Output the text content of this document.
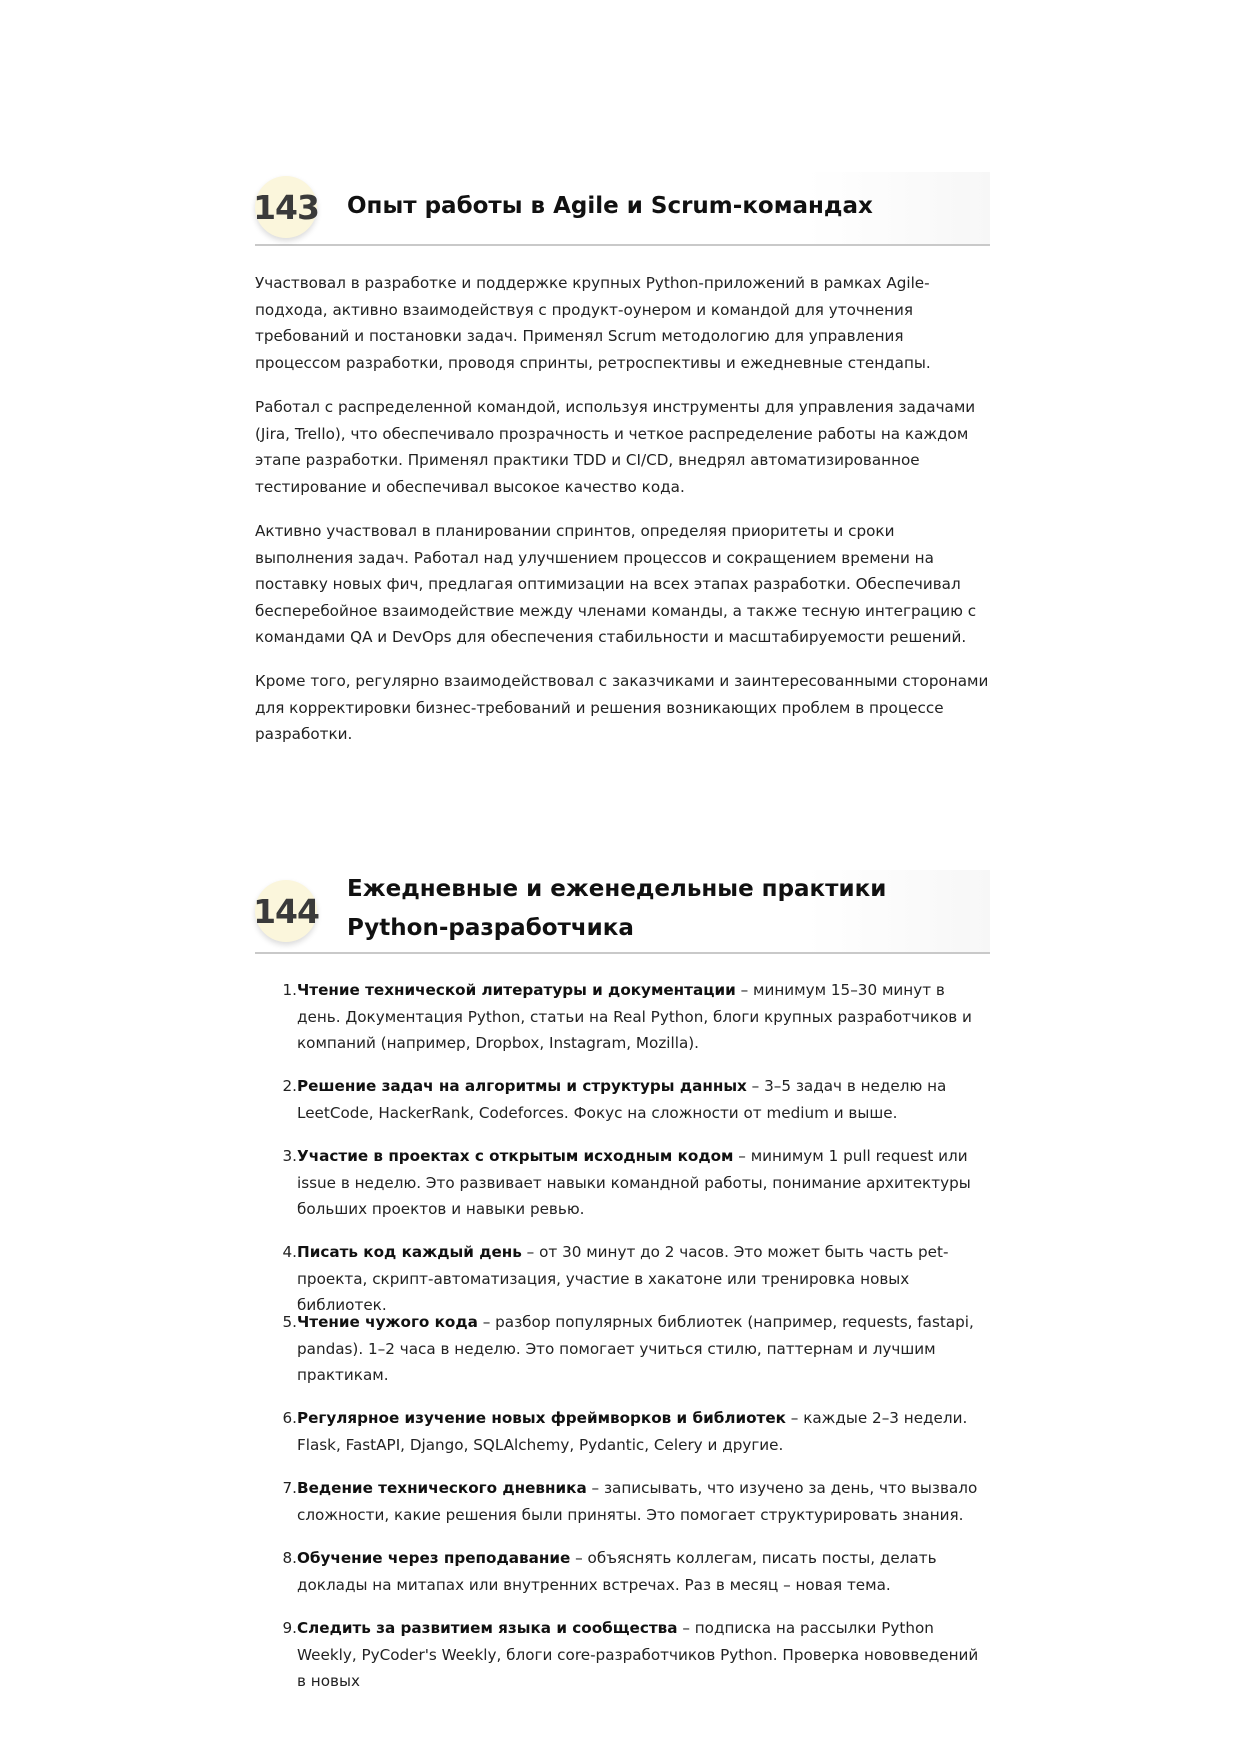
143 Опыт работы в Agile и Scrum-командах

Участвовал в разработке и поддержке крупных Python-приложений в рамках Agile-подхода, активно взаимодействуя с продукт-оунером и командой для уточнения требований и постановки задач. Применял Scrum методологию для управления процессом разработки, проводя спринты, ретроспективы и ежедневные стендапы.

Работал с распределенной командой, используя инструменты для управления задачами (Jira, Trello), что обеспечивало прозрачность и четкое распределение работы на каждом этапе разработки. Применял практики TDD и CI/CD, внедрял автоматизированное тестирование и обеспечивал высокое качество кода.

Активно участвовал в планировании спринтов, определяя приоритеты и сроки выполнения задач. Работал над улучшением процессов и сокращением времени на поставку новых фич, предлагая оптимизации на всех этапах разработки. Обеспечивал бесперебойное взаимодействие между членами команды, а также тесную интеграцию с командами QA и DevOps для обеспечения стабильности и масштабируемости решений.

Кроме того, регулярно взаимодействовал с заказчиками и заинтересованными сторонами для корректировки бизнес-требований и решения возникающих проблем в процессе разработки.

144
Ежедневные и еженедельные практики Python-разработчика
1. Чтение технической литературы и документации – минимум 15–30 минут в день. Документация Python, статьи на Real Python, блоги крупных разработчиков и компаний (например, Dropbox, Instagram, Mozilla).
2. Решение задач на алгоритмы и структуры данных – 3–5 задач в неделю на LeetCode, HackerRank, Codeforces. Фокус на сложности от medium и выше.
3. Участие в проектах с открытым исходным кодом – минимум 1 pull request или issue в неделю. Это развивает навыки командной работы, понимание архитектуры больших проектов и навыки ревью.
4. Писать код каждый день – от 30 минут до 2 часов. Это может быть часть pet-проекта, скрипт-автоматизация, участие в хакатоне или тренировка новых библиотек.
5. Чтение чужого кода – разбор популярных библиотек (например, requests, fastapi, pandas). 1–2 часа в неделю. Это помогает учиться стилю, паттернам и лучшим практикам.
6. Регулярное изучение новых фреймворков и библиотек – каждые 2–3 недели. Flask, FastAPI, Django, SQLAlchemy, Pydantic, Celery и другие.
7. Ведение технического дневника – записывать, что изучено за день, что вызвало сложности, какие решения были приняты. Это помогает структурировать знания.
8. Обучение через преподавание – объяснять коллегам, писать посты, делать доклады на митапах или внутренних встречах. Раз в месяц – новая тема.
9. Следить за развитием языка и сообщества – подписка на рассылки Python Weekly, PyCoder's Weekly, блоги core-разработчиков Python. Проверка нововведений в новых
